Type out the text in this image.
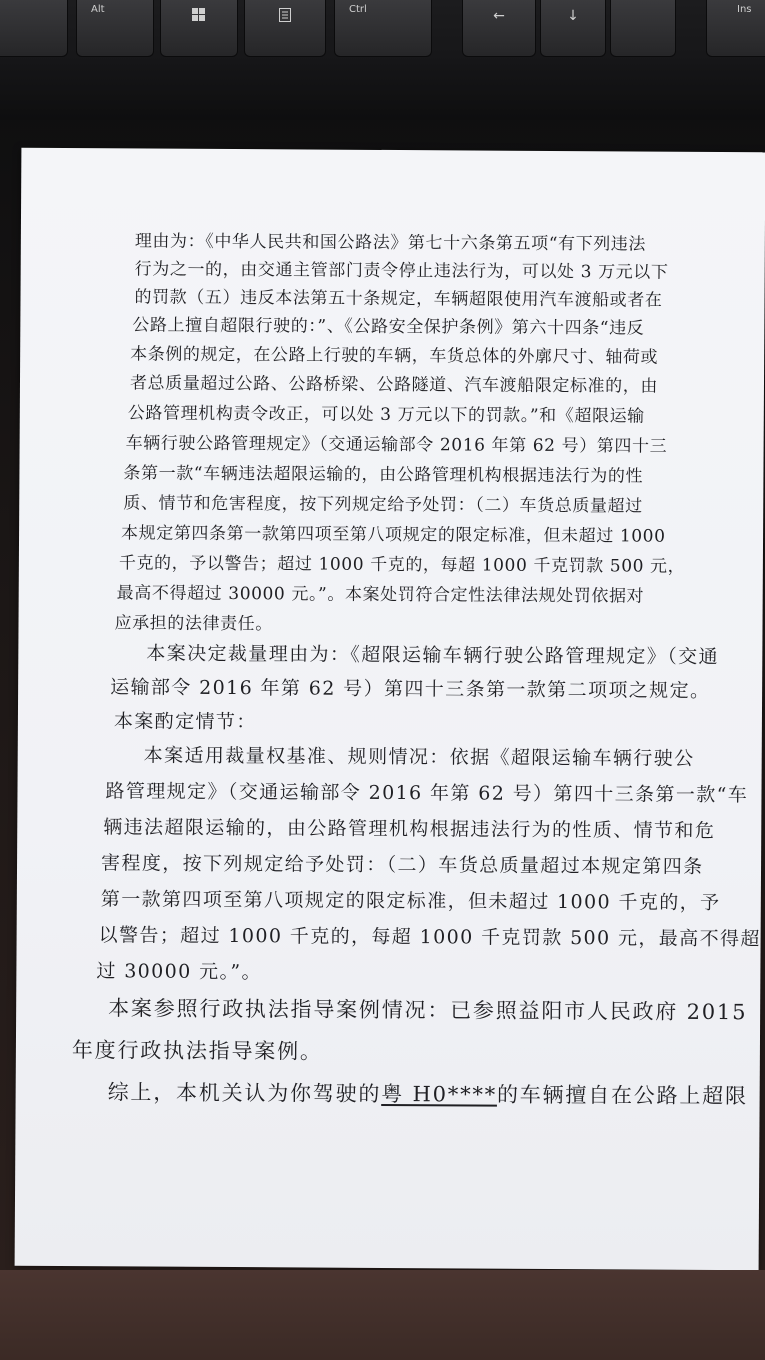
Alt	Ctrl	←	↓	Ins
理由为：《中华人民共和国公路法》第七十六条第五项“有下列违法
行为之一的，由交通主管部门责令停止违法行为，可以处 3 万元以下
的罚款（五）违反本法第五十条规定，车辆超限使用汽车渡船或者在
公路上擅自超限行驶的：”、《公路安全保护条例》第六十四条“违反
本条例的规定，在公路上行驶的车辆，车货总体的外廓尺寸、轴荷或
者总质量超过公路、公路桥梁、公路隧道、汽车渡船限定标准的，由
公路管理机构责令改正，可以处 3 万元以下的罚款。”和《超限运输
车辆行驶公路管理规定》（交通运输部令 2016 年第 62 号）第四十三
条第一款“车辆违法超限运输的，由公路管理机构根据违法行为的性
质、情节和危害程度，按下列规定给予处罚：（二）车货总质量超过
本规定第四条第一款第四项至第八项规定的限定标准，但未超过 1000
千克的，予以警告；超过 1000 千克的，每超 1000 千克罚款 500 元，
最高不得超过 30000 元。”。本案处罚符合定性法律法规处罚依据对
应承担的法律责任。
本案决定裁量理由为：《超限运输车辆行驶公路管理规定》（交通
运输部令 2016 年第 62 号）第四十三条第一款第二项项之规定。
本案酌定情节：
本案适用裁量权基准、规则情况：依据《超限运输车辆行驶公
路管理规定》（交通运输部令 2016 年第 62 号）第四十三条第一款“车
辆违法超限运输的，由公路管理机构根据违法行为的性质、情节和危
害程度，按下列规定给予处罚：（二）车货总质量超过本规定第四条
第一款第四项至第八项规定的限定标准，但未超过 1000 千克的，予
以警告；超过 1000 千克的，每超 1000 千克罚款 500 元，最高不得超
过 30000 元。”。
本案参照行政执法指导案例情况：已参照益阳市人民政府 2015
年度行政执法指导案例。
综上，本机关认为你驾驶的粤 H0****的车辆擅自在公路上超限
